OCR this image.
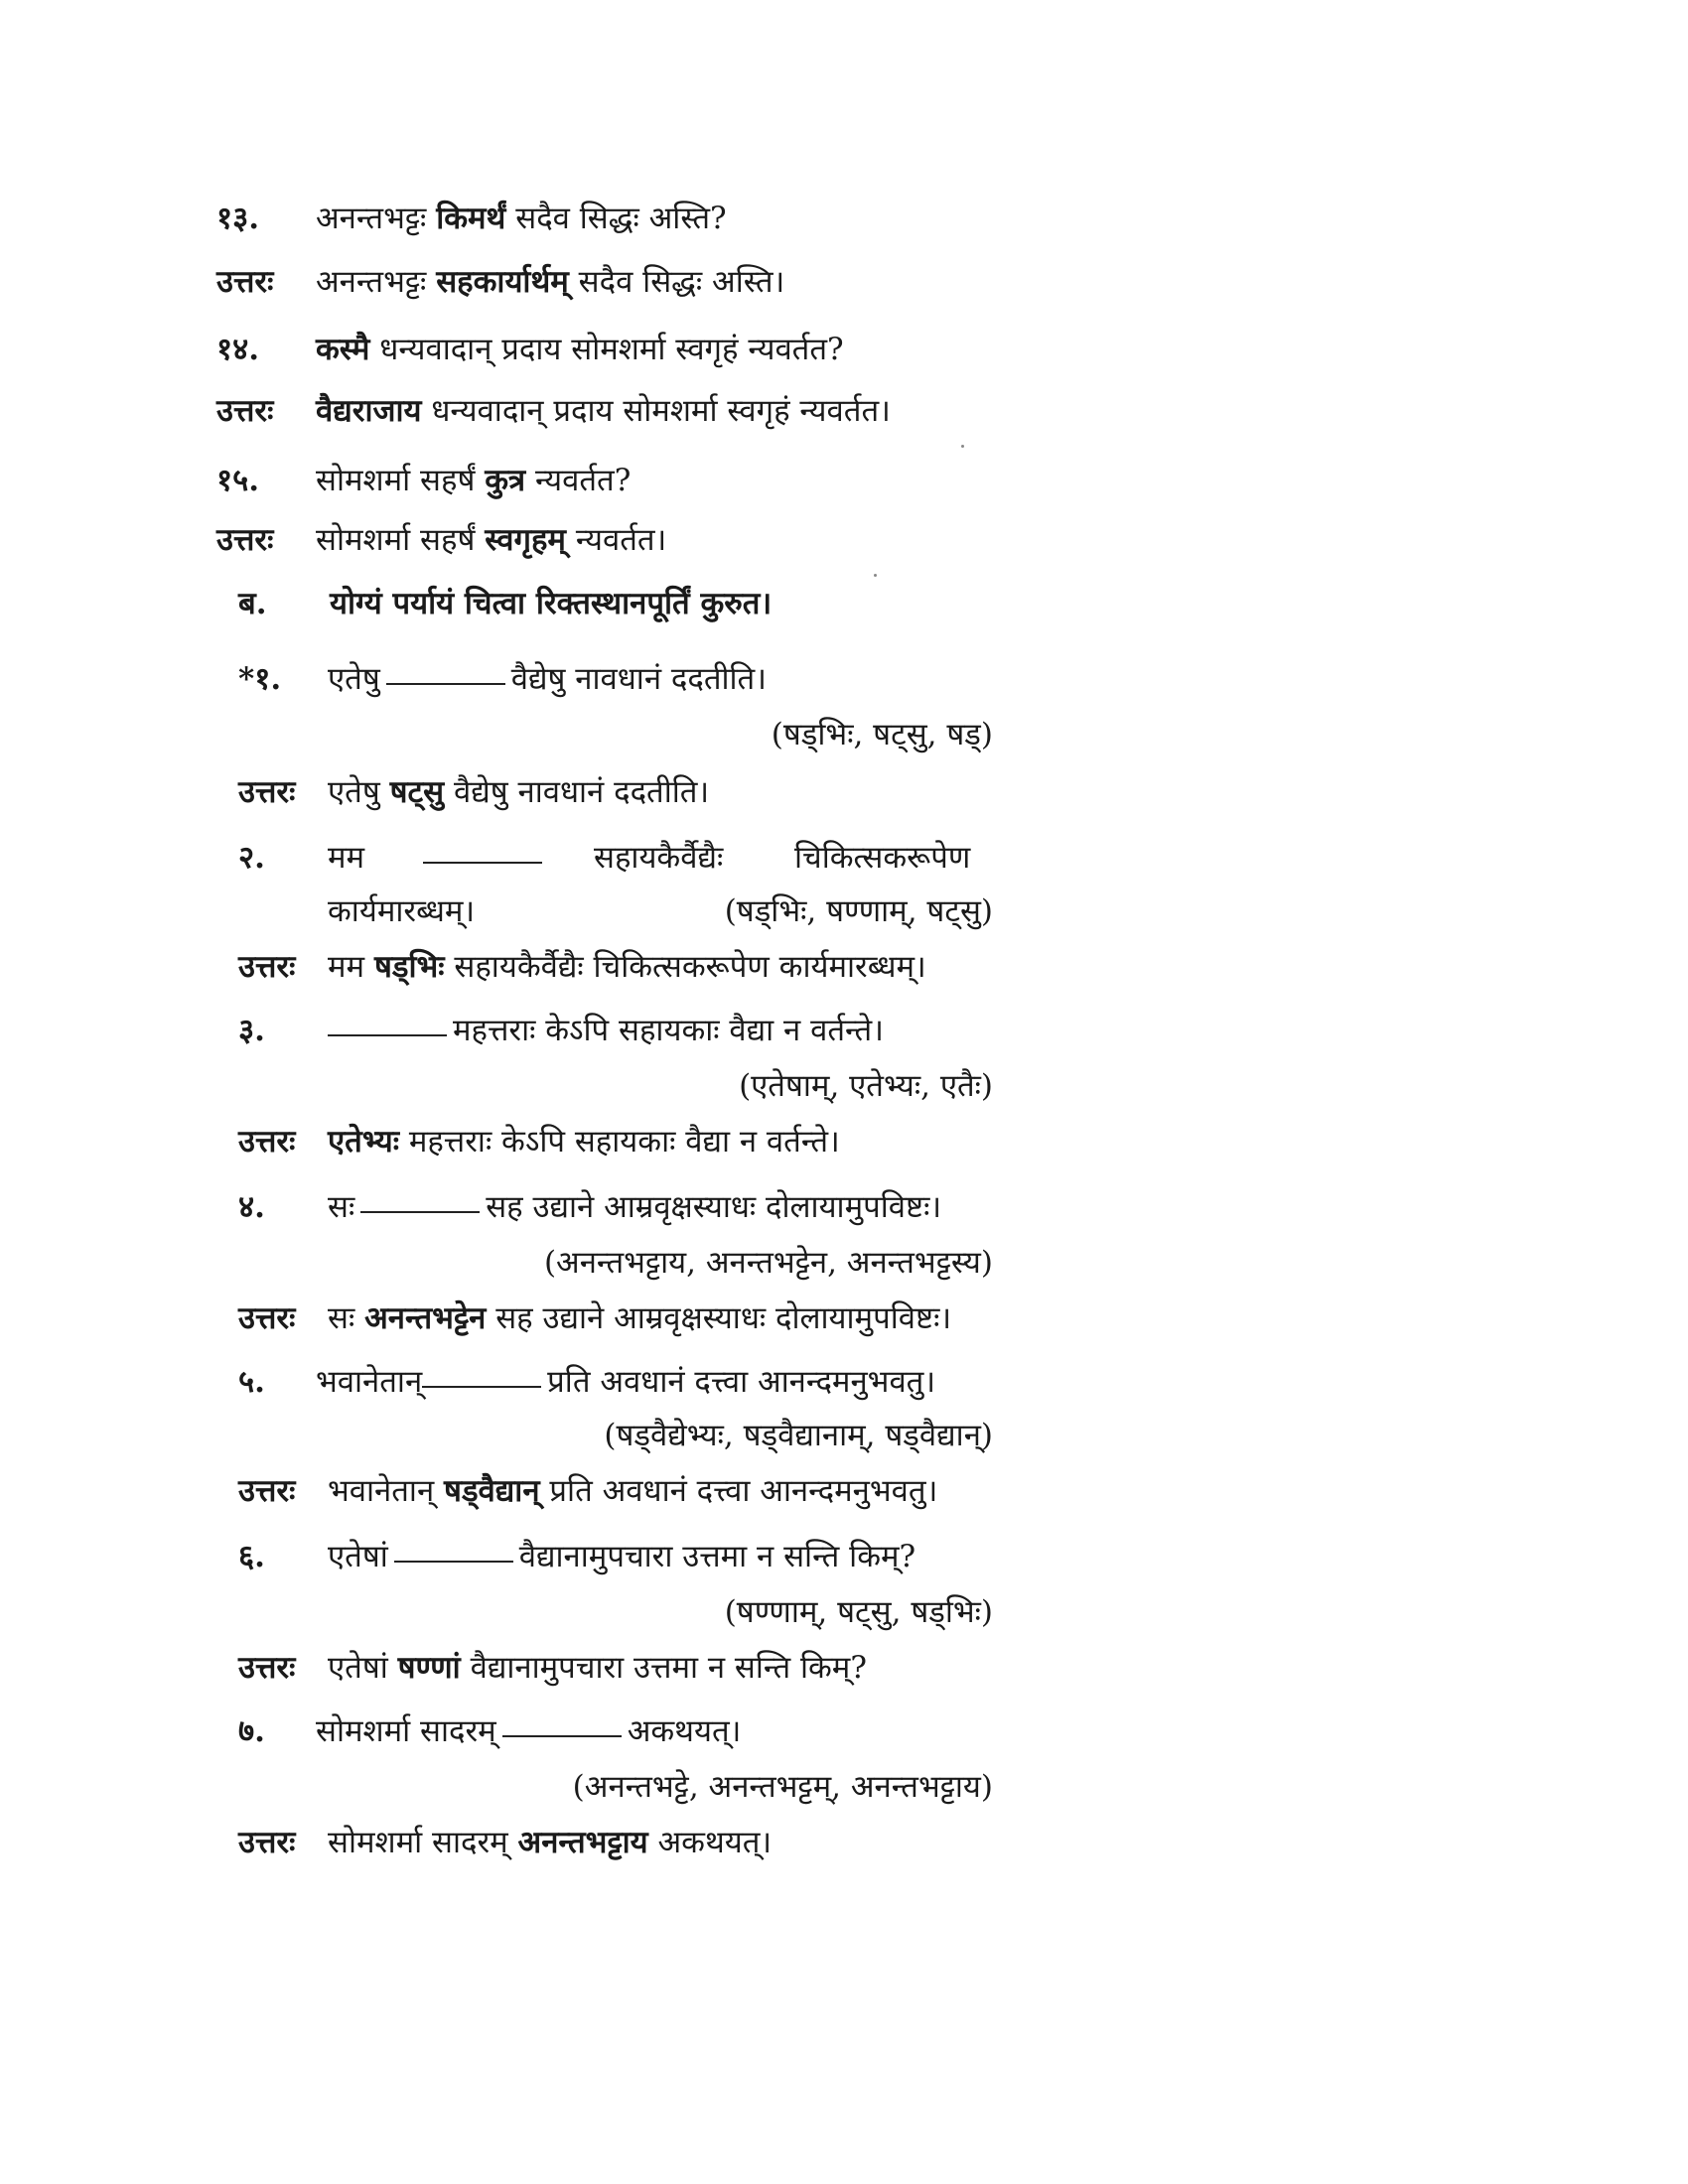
१३. अनन्तभट्टः किमर्थं सदैव सिद्धः अस्ति?
उत्तरः अनन्तभट्टः सहकार्यार्थम् सदैव सिद्धः अस्ति।
१४. कस्मै धन्यवादान् प्रदाय सोमशर्मा स्वगृहं न्यवर्तत?
उत्तरः वैद्यराजाय धन्यवादान् प्रदाय सोमशर्मा स्वगृहं न्यवर्तत।
१५. सोमशर्मा सहर्षं कुत्र न्यवर्तत?
उत्तरः सोमशर्मा सहर्षं स्वगृहम् न्यवर्तत।
ब. योग्यं पर्यायं चित्वा रिक्तस्थानपूर्तिं कुरुत।
*१. एतेषु	वैद्येषु नावधानं ददतीति।
(षड्भिः, षट्सु, षड्)
उत्तरः एतेषु षट्सु वैद्येषु नावधानं ददतीति।
२. मम	सहायकैर्वैद्यैः चिकित्सकरूपेण
कार्यमारब्धम्।	(षड्भिः, षण्णाम्, षट्सु)
उत्तरः मम षड्भिः सहायकैर्वैद्यैः चिकित्सकरूपेण कार्यमारब्धम्।
३.	महत्तराः केऽपि सहायकाः वैद्या न वर्तन्ते।
(एतेषाम्, एतेभ्यः, एतैः)
उत्तरः एतेभ्यः महत्तराः केऽपि सहायकाः वैद्या न वर्तन्ते।
४. सः	सह उद्याने आम्रवृक्षस्याधः दोलायामुपविष्टः।
(अनन्तभट्टाय, अनन्तभट्टेन, अनन्तभट्टस्य)
उत्तरः सः अनन्तभट्टेन सह उद्याने आम्रवृक्षस्याधः दोलायामुपविष्टः।
५. भवानेतान्	प्रति अवधानं दत्त्वा आनन्दमनुभवतु।
(षड्वैद्येभ्यः, षड्वैद्यानाम्, षड्वैद्यान्)
उत्तरः भवानेतान् षड्वैद्यान् प्रति अवधानं दत्त्वा आनन्दमनुभवतु।
६. एतेषां	वैद्यानामुपचारा उत्तमा न सन्ति किम्?
(षण्णाम्, षट्सु, षड्भिः)
उत्तरः एतेषां षण्णां वैद्यानामुपचारा उत्तमा न सन्ति किम्?
७. सोमशर्मा सादरम्	अकथयत्।
(अनन्तभट्टे, अनन्तभट्टम्, अनन्तभट्टाय)
उत्तरः सोमशर्मा सादरम् अनन्तभट्टाय अकथयत्।
